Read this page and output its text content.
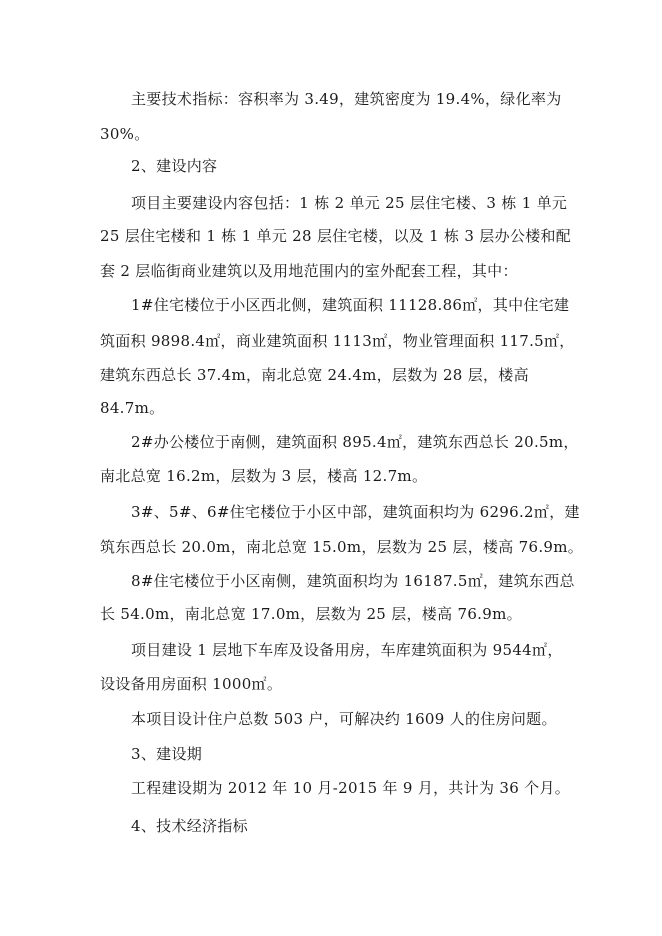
主要技术指标：容积率为 3.49，建筑密度为 19.4%，绿化率为
30%。
2、建设内容
项目主要建设内容包括：1 栋 2 单元 25 层住宅楼、3 栋 1 单元
25 层住宅楼和 1 栋 1 单元 28 层住宅楼，以及 1 栋 3 层办公楼和配
套 2 层临街商业建筑以及用地范围内的室外配套工程，其中：
1#住宅楼位于小区西北侧，建筑面积 11128.86㎡，其中住宅建
筑面积 9898.4㎡，商业建筑面积 1113㎡，物业管理面积 117.5㎡，
建筑东西总长 37.4m，南北总宽 24.4m，层数为 28 层，楼高
84.7m。
2#办公楼位于南侧，建筑面积 895.4㎡，建筑东西总长 20.5m，
南北总宽 16.2m，层数为 3 层，楼高 12.7m。
3#、5#、6#住宅楼位于小区中部，建筑面积均为 6296.2㎡，建
筑东西总长 20.0m，南北总宽 15.0m，层数为 25 层，楼高 76.9m。
8#住宅楼位于小区南侧，建筑面积均为 16187.5㎡，建筑东西总
长 54.0m，南北总宽 17.0m，层数为 25 层，楼高 76.9m。
项目建设 1 层地下车库及设备用房，车库建筑面积为 9544㎡，
设设备用房面积 1000㎡。
本项目设计住户总数 503 户，可解决约 1609 人的住房问题。
3、建设期
工程建设期为 2012 年 10 月-2015 年 9 月，共计为 36 个月。
4、技术经济指标
